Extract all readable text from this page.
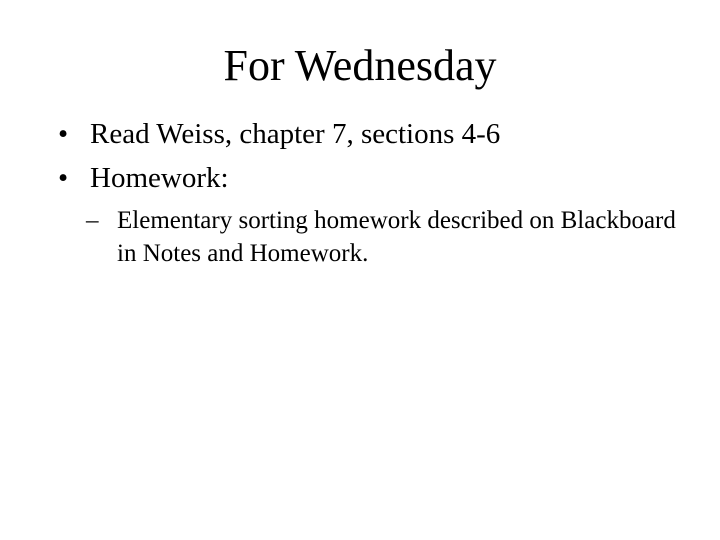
For Wednesday
• Read Weiss, chapter 7, sections 4-6
• Homework:
– Elementary sorting homework described on Blackboard in Notes and Homework.
